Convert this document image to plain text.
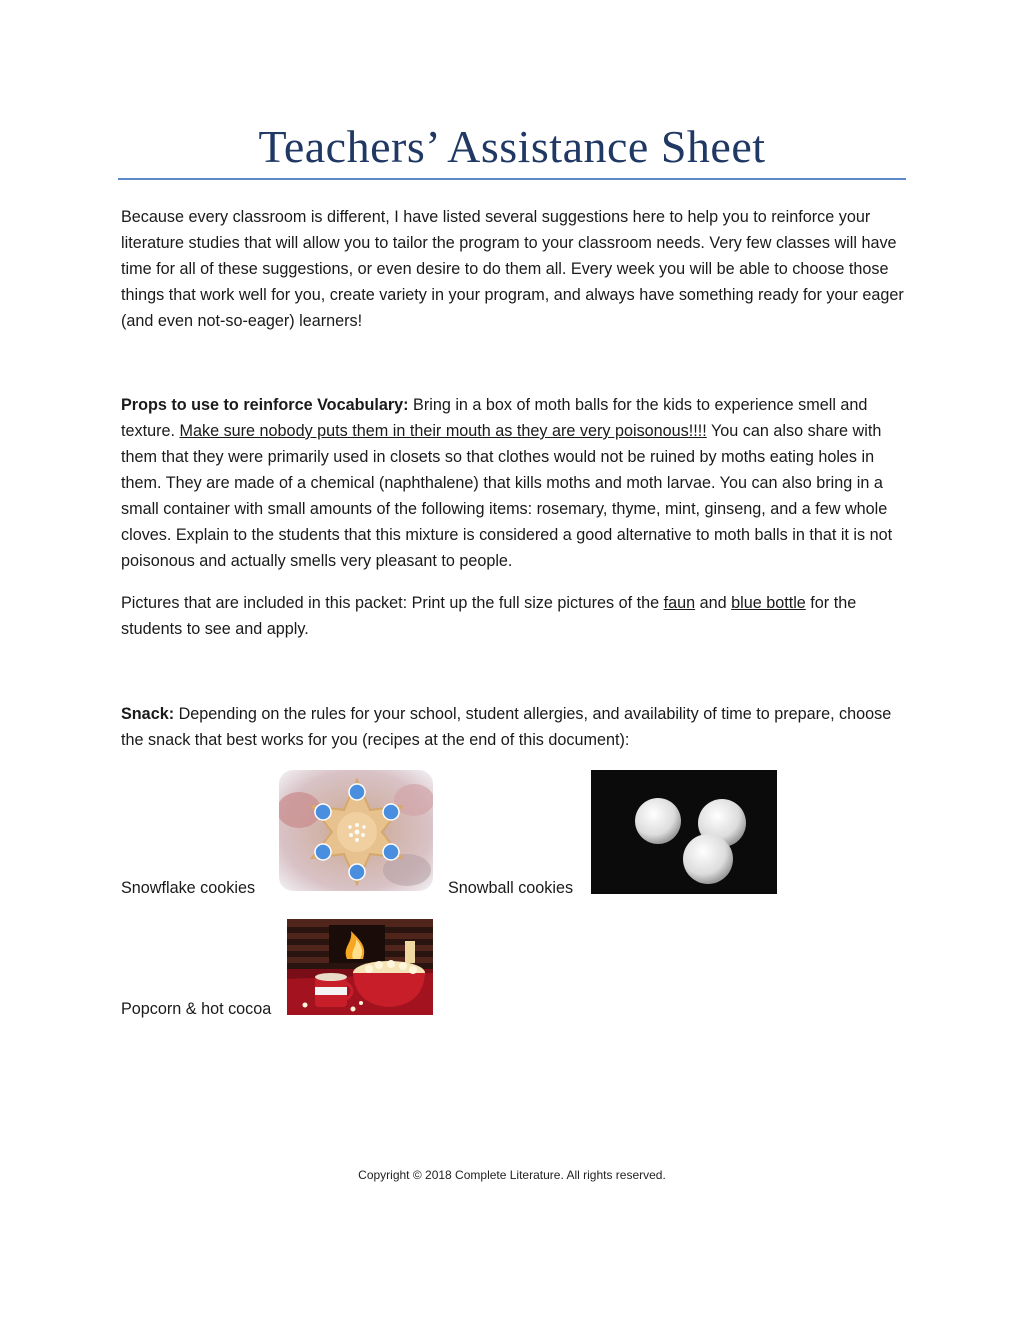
Teachers’ Assistance Sheet

Because every classroom is different, I have listed several suggestions here to help you to reinforce your literature studies that will allow you to tailor the program to your classroom needs. Very few classes will have time for all of these suggestions, or even desire to do them all. Every week you will be able to choose those things that work well for you, create variety in your program, and always have something ready for your eager (and even not-so-eager) learners!

Props to use to reinforce Vocabulary: Bring in a box of moth balls for the kids to experience smell and texture. Make sure nobody puts them in their mouth as they are very poisonous!!!! You can also share with them that they were primarily used in closets so that clothes would not be ruined by moths eating holes in them. They are made of a chemical (naphthalene) that kills moths and moth larvae. You can also bring in a small container with small amounts of the following items: rosemary, thyme, mint, ginseng, and a few whole cloves. Explain to the students that this mixture is considered a good alternative to moth balls in that it is not poisonous and actually smells very pleasant to people.

Pictures that are included in this packet: Print up the full size pictures of the faun and blue bottle for the students to see and apply.

Snack: Depending on the rules for your school, student allergies, and availability of time to prepare, choose the snack that best works for you (recipes at the end of this document):

Snowflake cookies	Snowball cookies
Popcorn & hot cocoa
Copyright © 2018 Complete Literature. All rights reserved.
